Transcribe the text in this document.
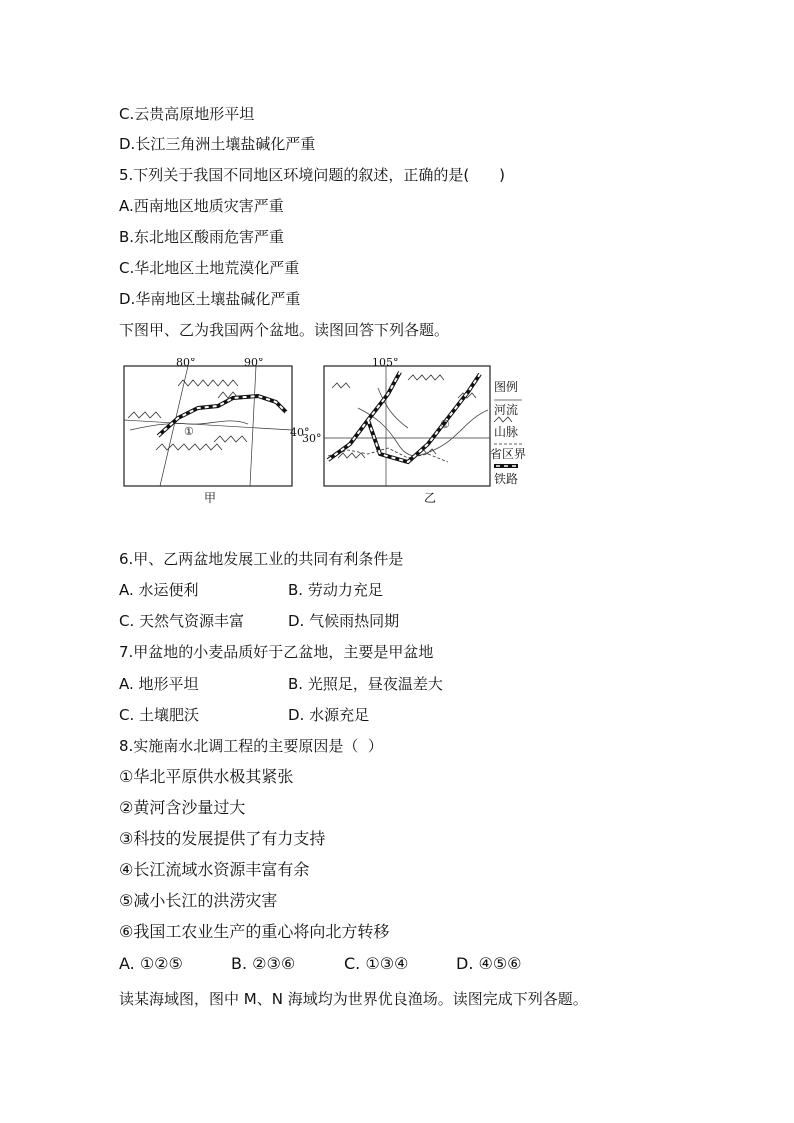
C.云贵高原地形平坦
D.长江三角洲土壤盐碱化严重
5.下列关于我国不同地区环境问题的叙述，正确的是(　　)
A.西南地区地质灾害严重
B.东北地区酸雨危害严重
C.华北地区土地荒漠化严重
D.华南地区土壤盐碱化严重
下图甲、乙为我国两个盆地。读图回答下列各题。
80°	90°
40°
①
甲
105°
30°
②
乙
图例
河流
山脉
省区界
铁路
6.甲、乙两盆地发展工业的共同有利条件是
A. 水运便利	B. 劳动力充足
C. 天然气资源丰富	D. 气候雨热同期
7.甲盆地的小麦品质好于乙盆地，主要是甲盆地
A. 地形平坦	B. 光照足，昼夜温差大
C. 土壤肥沃	D. 水源充足
8.实施南水北调工程的主要原因是（  ）
①华北平原供水极其紧张
②黄河含沙量过大
③科技的发展提供了有力支持
④长江流域水资源丰富有余
⑤减小长江的洪涝灾害
⑥我国工农业生产的重心将向北方转移
A. ①②⑤	B. ②③⑥	C. ①③④	D. ④⑤⑥
读某海域图，图中 M、N 海域均为世界优良渔场。读图完成下列各题。
